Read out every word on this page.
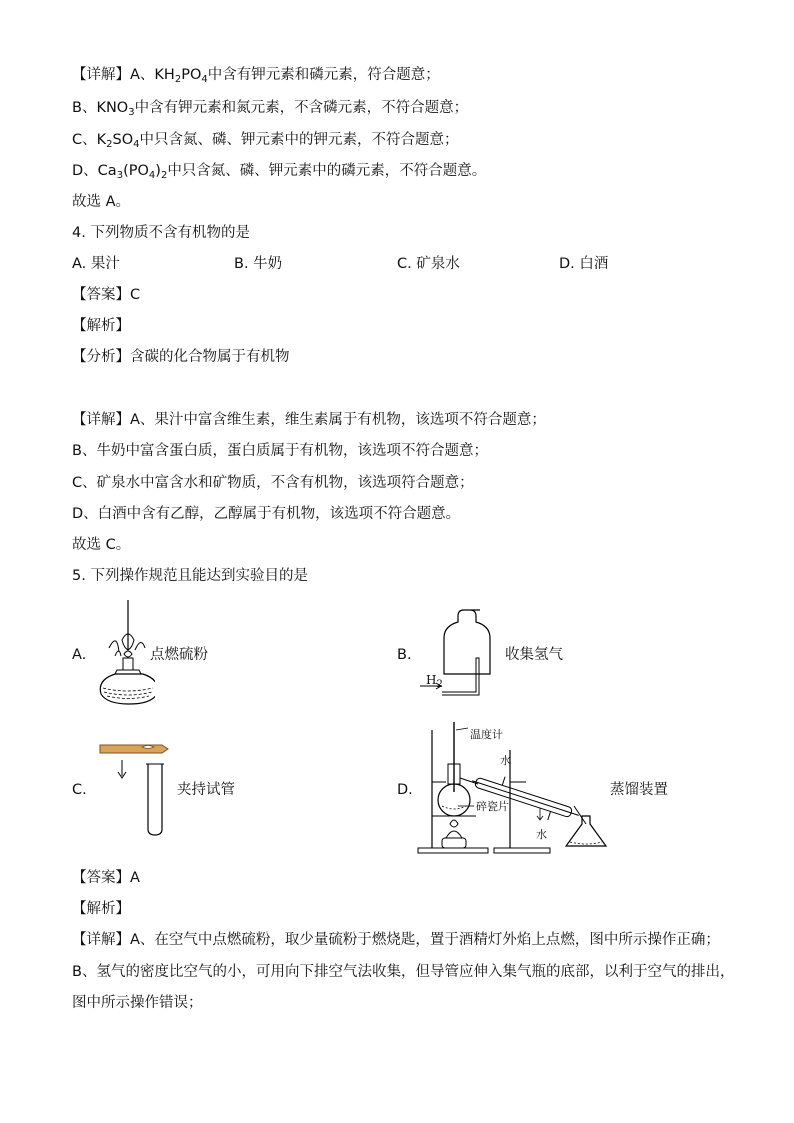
【详解】A、$KH_2PO_4$中含有钾元素和磷元素，符合题意；
B、$KNO_3$中含有钾元素和氮元素，不含磷元素，不符合题意；
C、$K_2SO_4$中只含氮、磷、钾元素中的钾元素，不符合题意；
D、$Ca_3(PO_4)_2$中只含氮、磷、钾元素中的磷元素，不符合题意。
故选 A。
4. 下列物质不含有机物的是
A. 果汁	B. 牛奶	C. 矿泉水	D. 白酒
【答案】C
【解析】
【分析】含碳的化合物属于有机物
【详解】A、果汁中富含维生素，维生素属于有机物，该选项不符合题意；
B、牛奶中富含蛋白质，蛋白质属于有机物，该选项不符合题意；
C、矿泉水中富含水和矿物质，不含有机物，该选项符合题意；
D、白酒中含有乙醇，乙醇属于有机物，该选项不符合题意。
故选 C。
5. 下列操作规范且能达到实验目的是
A.	点燃硫粉	B.
$H_2$
收集氢气
C.	夹持试管	D.
温度计
水
碎瓷片
水
蒸馏装置
【答案】A
【解析】
【详解】A、在空气中点燃硫粉，取少量硫粉于燃烧匙，置于酒精灯外焰上点燃，图中所示操作正确；
B、氢气的密度比空气的小，可用向下排空气法收集，但导管应伸入集气瓶的底部，以利于空气的排出，
图中所示操作错误；
